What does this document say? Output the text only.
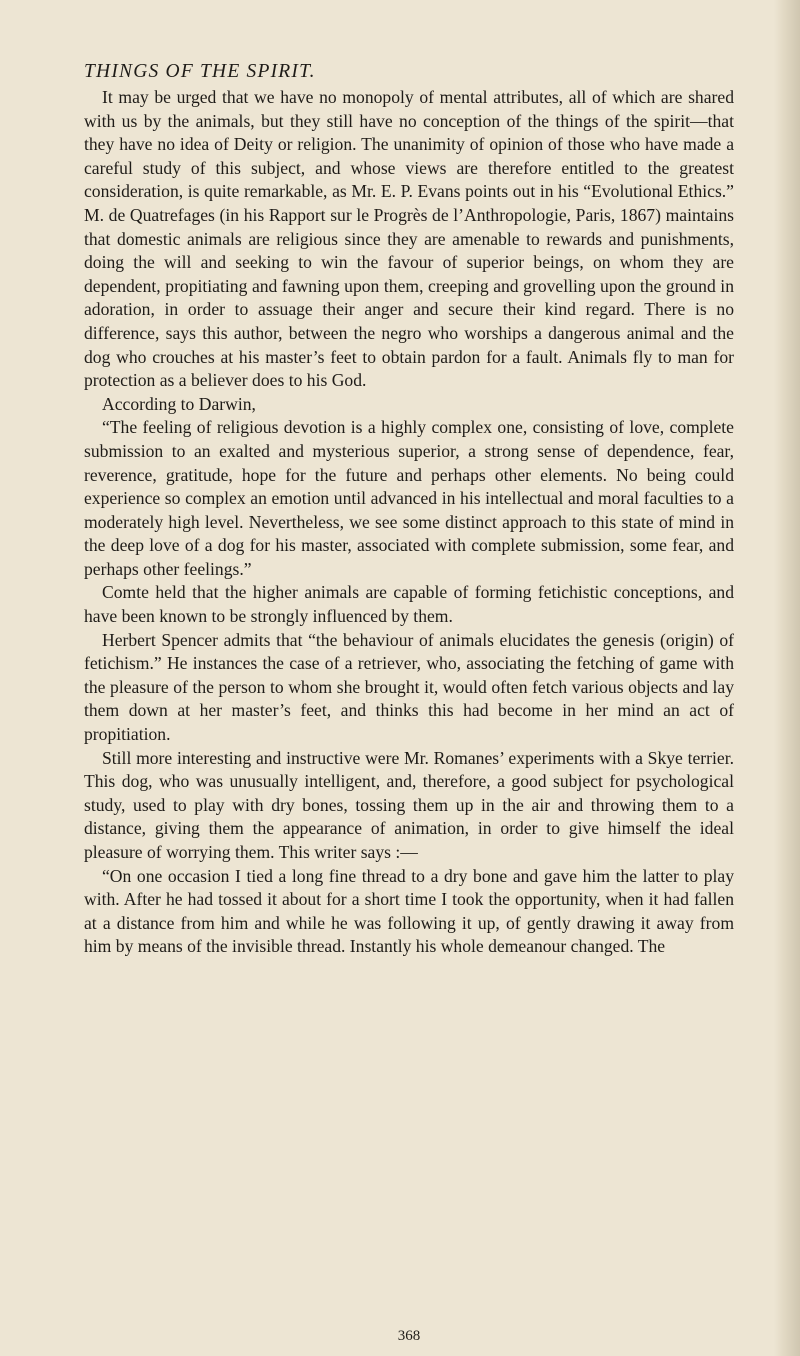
THINGS OF THE SPIRIT.

It may be urged that we have no monopoly of mental attributes, all of which are shared with us by the animals, but they still have no conception of the things of the spirit—that they have no idea of Deity or religion. The unanimity of opinion of those who have made a careful study of this subject, and whose views are therefore entitled to the greatest consideration, is quite remarkable, as Mr. E. P. Evans points out in his “Evolutional Ethics.” M. de Quatrefages (in his Rapport sur le Progrès de l’Anthropologie, Paris, 1867) maintains that domestic animals are religious since they are amenable to rewards and punishments, doing the will and seeking to win the favour of superior beings, on whom they are dependent, propitiating and fawning upon them, creeping and grovelling upon the ground in adoration, in order to assuage their anger and secure their kind regard. There is no difference, says this author, between the negro who worships a dangerous animal and the dog who crouches at his master’s feet to obtain pardon for a fault. Animals fly to man for protection as a believer does to his God.

According to Darwin,

“The feeling of religious devotion is a highly complex one, consisting of love, complete submission to an exalted and mysterious superior, a strong sense of dependence, fear, reverence, gratitude, hope for the future and perhaps other elements. No being could experience so complex an emotion until advanced in his intellectual and moral faculties to a moderately high level. Nevertheless, we see some distinct approach to this state of mind in the deep love of a dog for his master, associated with complete submission, some fear, and perhaps other feelings.”

Comte held that the higher animals are capable of forming fetichistic conceptions, and have been known to be strongly influenced by them.

Herbert Spencer admits that “the behaviour of animals elucidates the genesis (origin) of fetichism.” He instances the case of a retriever, who, associating the fetching of game with the pleasure of the person to whom she brought it, would often fetch various objects and lay them down at her master’s feet, and thinks this had become in her mind an act of propitiation.

Still more interesting and instructive were Mr. Romanes’ experiments with a Skye terrier. This dog, who was unusually intelligent, and, therefore, a good subject for psychological study, used to play with dry bones, tossing them up in the air and throwing them to a distance, giving them the appearance of animation, in order to give himself the ideal pleasure of worrying them. This writer says :—

“On one occasion I tied a long fine thread to a dry bone and gave him the latter to play with. After he had tossed it about for a short time I took the opportunity, when it had fallen at a distance from him and while he was following it up, of gently drawing it away from him by means of the invisible thread. Instantly his whole demeanour changed. The

368
